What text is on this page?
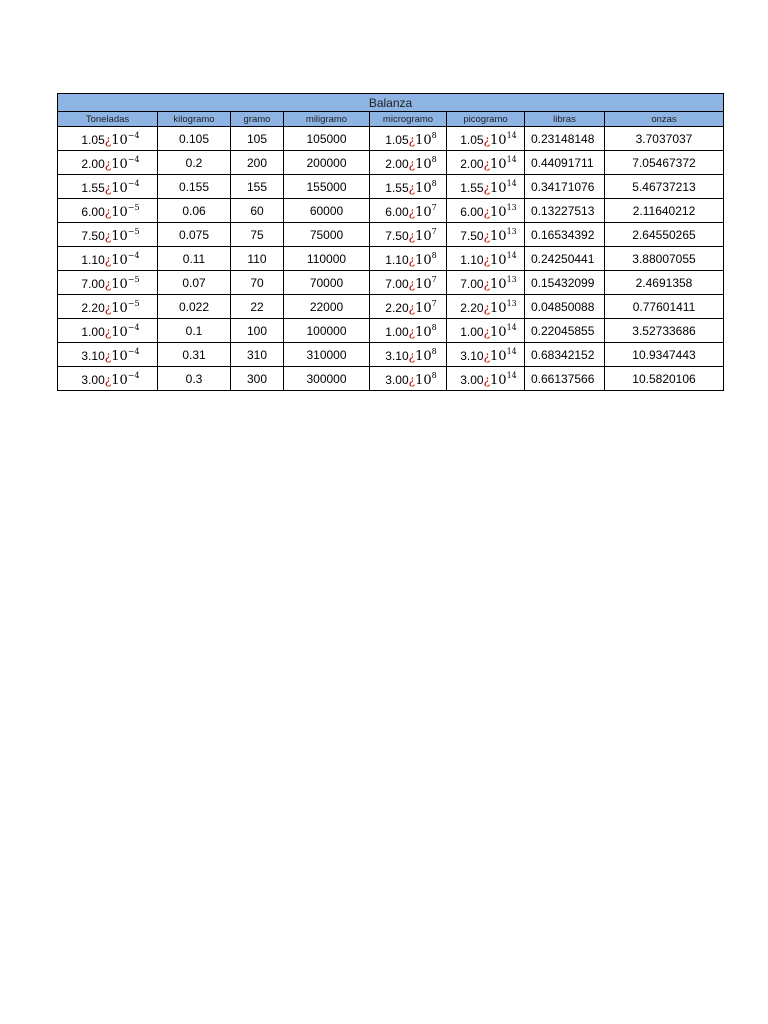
Balanza							
Toneladas	kilogramo	gramo	miligramo	microgramo	picogramo	libras	onzas
$1.05¿10^{-4}$	0.105	105	105000	$1.05¿10^8$	$1.05¿10^{14}$	0.23148148	3.7037037
$2.00¿10^{-4}$	0.2	200	200000	$2.00¿10^8$	$2.00¿10^{14}$	0.44091711	7.05467372
$1.55¿10^{-4}$	0.155	155	155000	$1.55¿10^8$	$1.55¿10^{14}$	0.34171076	5.46737213
$6.00¿10^{-5}$	0.06	60	60000	$6.00¿10^7$	$6.00¿10^{13}$	0.13227513	2.11640212
$7.50¿10^{-5}$	0.075	75	75000	$7.50¿10^7$	$7.50¿10^{13}$	0.16534392	2.64550265
$1.10¿10^{-4}$	0.11	110	110000	$1.10¿10^8$	$1.10¿10^{14}$	0.24250441	3.88007055
$7.00¿10^{-5}$	0.07	70	70000	$7.00¿10^7$	$7.00¿10^{13}$	0.15432099	2.4691358
$2.20¿10^{-5}$	0.022	22	22000	$2.20¿10^7$	$2.20¿10^{13}$	0.04850088	0.77601411
$1.00¿10^{-4}$	0.1	100	100000	$1.00¿10^8$	$1.00¿10^{14}$	0.22045855	3.52733686
$3.10¿10^{-4}$	0.31	310	310000	$3.10¿10^8$	$3.10¿10^{14}$	0.68342152	10.9347443
$3.00¿10^{-4}$	0.3	300	300000	$3.00¿10^8$	$3.00¿10^{14}$	0.66137566	10.5820106
